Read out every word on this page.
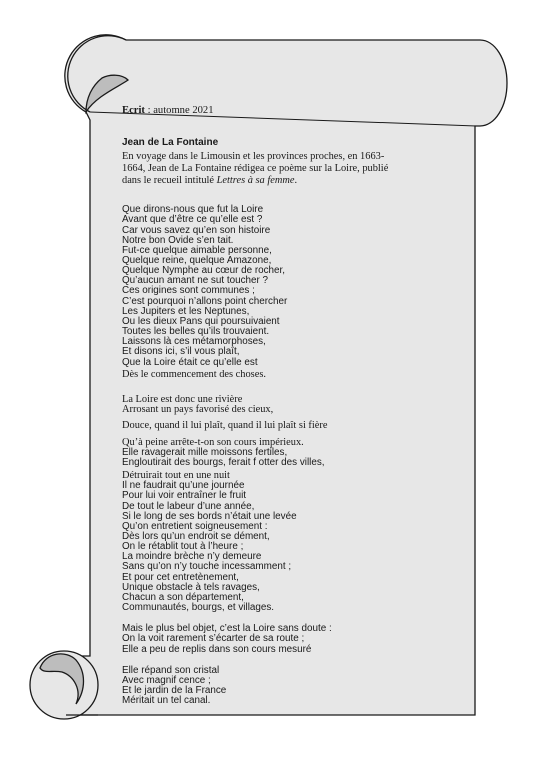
Ecrit : automne 2021

Jean de La Fontaine

En voyage dans le Limousin et les provinces proches, en 1663-
1664, Jean de La Fontaine rédigea ce poème sur la Loire, publié
dans le recueil intitulé Lettres à sa femme.

Que dirons-nous que fut la Loire
Avant que d’être ce qu’elle est ?
Car vous savez qu’en son histoire
Notre bon Ovide s’en tait.
Fut-ce quelque aimable personne,
Quelque reine, quelque Amazone,
Quelque Nymphe au cœur de rocher,
Qu’aucun amant ne sut toucher ?
Ces origines sont communes ;
C’est pourquoi n’allons point chercher
Les Jupiters et les Neptunes,
Ou les dieux Pans qui poursuivaient
Toutes les belles qu’ils trouvaient.
Laissons là ces métamorphoses,
Et disons ici, s’il vous plaît,
Que la Loire était ce qu’elle est
Dès le commencement des choses.
La Loire est donc une rivière
Arrosant un pays favorisé des cieux,
Douce, quand il lui plaît, quand il lui plaît si fière
Qu’à peine arrête-t-on son cours impérieux.
Elle ravagerait mille moissons fertiles,
Engloutirait des bourgs, ferait f otter des villes,
Détruirait tout en une nuit
Il ne faudrait qu’une journée
Pour lui voir entraîner le fruit
De tout le labeur d’une année,
Si le long de ses bords n’était une levée
Qu’on entretient soigneusement :
Dès lors qu’un endroit se dément,
On le rétablit tout à l’heure ;
La moindre brèche n’y demeure
Sans qu’on n’y touche incessamment ;
Et pour cet entretènement,
Unique obstacle à tels ravages,
Chacun a son département,
Communautés, bourgs, et villages.
Mais le plus bel objet, c’est la Loire sans doute :
On la voit rarement s’écarter de sa route ;
Elle a peu de replis dans son cours mesuré
Elle répand son cristal
Avec magnif cence ;
Et le jardin de la France
Méritait un tel canal.
